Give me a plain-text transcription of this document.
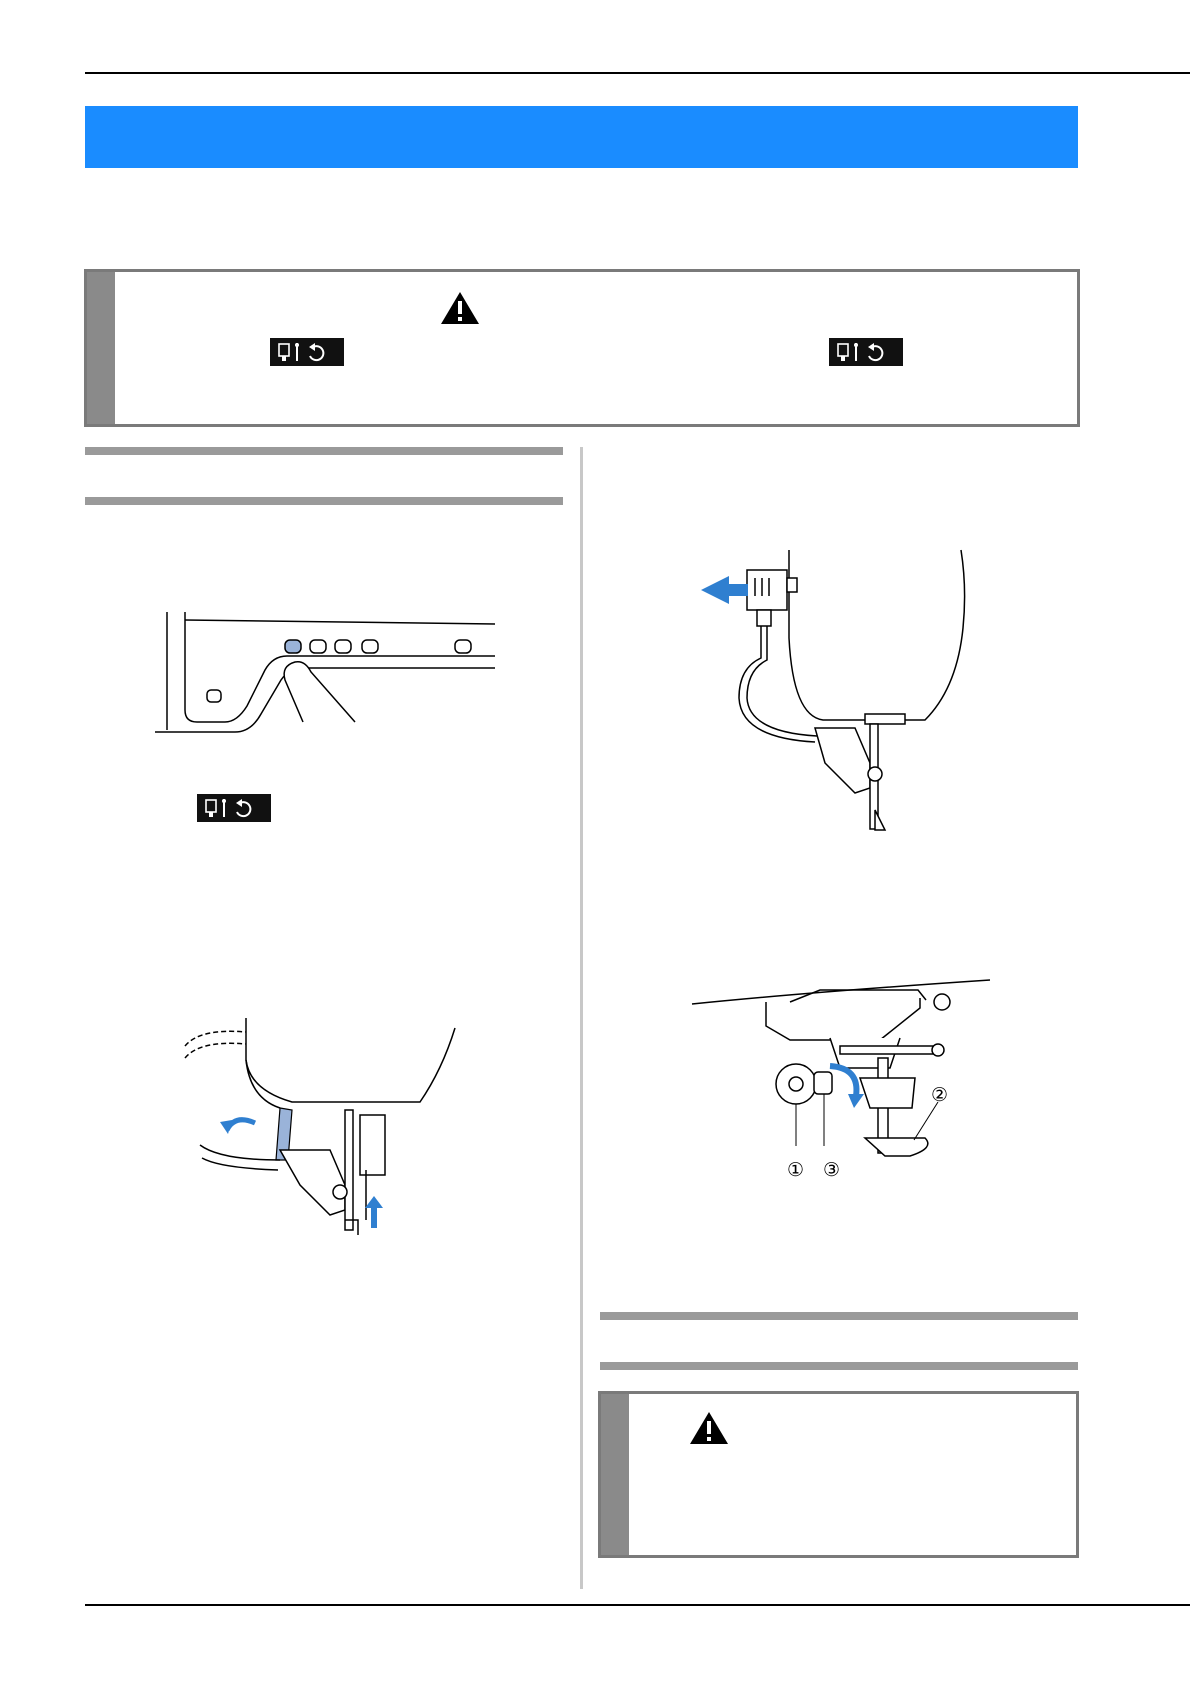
①
②
③
